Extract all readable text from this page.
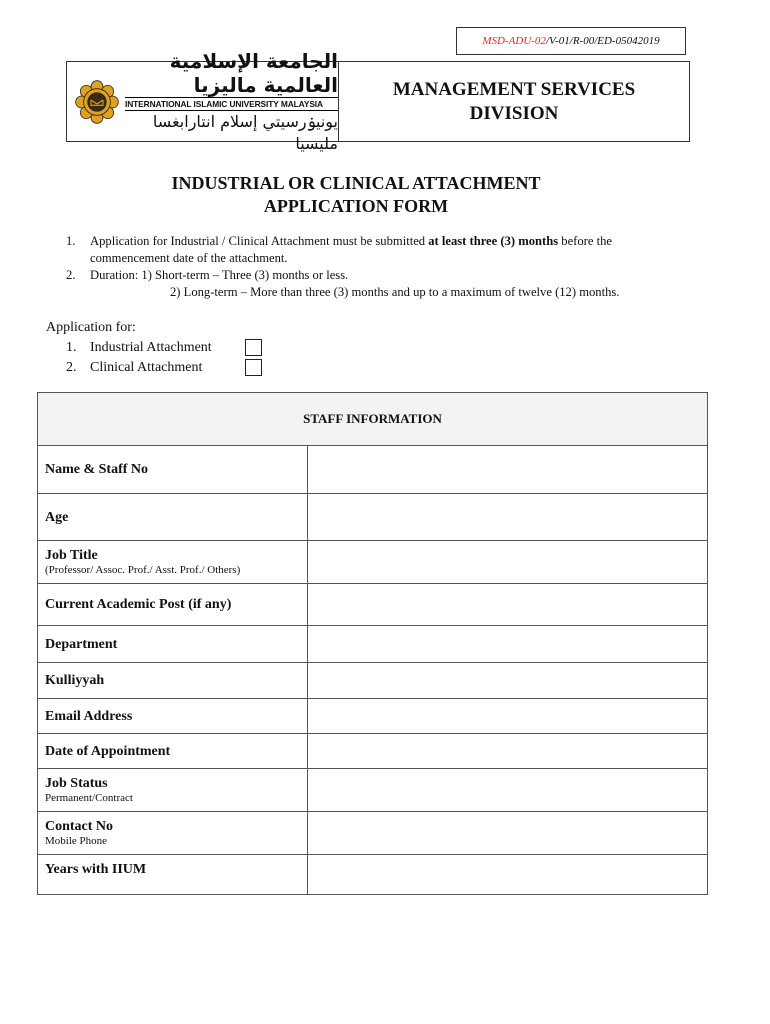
MSD-ADU-02 /V-01/R-00/ED-05042019
الجامعة الإسلامية العالمية ماليزيا
INTERNATIONAL ISLAMIC UNIVERSITY MALAYSIA
يونيۏرسيتي إسلام انتارابغسا مليسيا
MANAGEMENT SERVICES
DIVISION
INDUSTRIAL OR CLINICAL ATTACHMENT
APPLICATION FORM
1.	Application for Industrial / Clinical Attachment must be submitted at least three (3) months before the
commencement date of the attachment.
2.	Duration: 1) Short-term – Three (3) months or less.
2) Long-term – More than three (3) months and up to a maximum of twelve (12) months.
Application for:
1. Industrial Attachment
2. Clinical Attachment
STAFF INFORMATION	

Name & Staff No	

Age	

Job Title
(Professor/ Assoc. Prof./ Asst. Prof./ Others)	

Current Academic Post (if any)	

Department	

Kulliyyah	

Email Address	

Date of Appointment	

Job Status
Permanent/Contract	

Contact No
Mobile Phone	

Years with IIUM	
